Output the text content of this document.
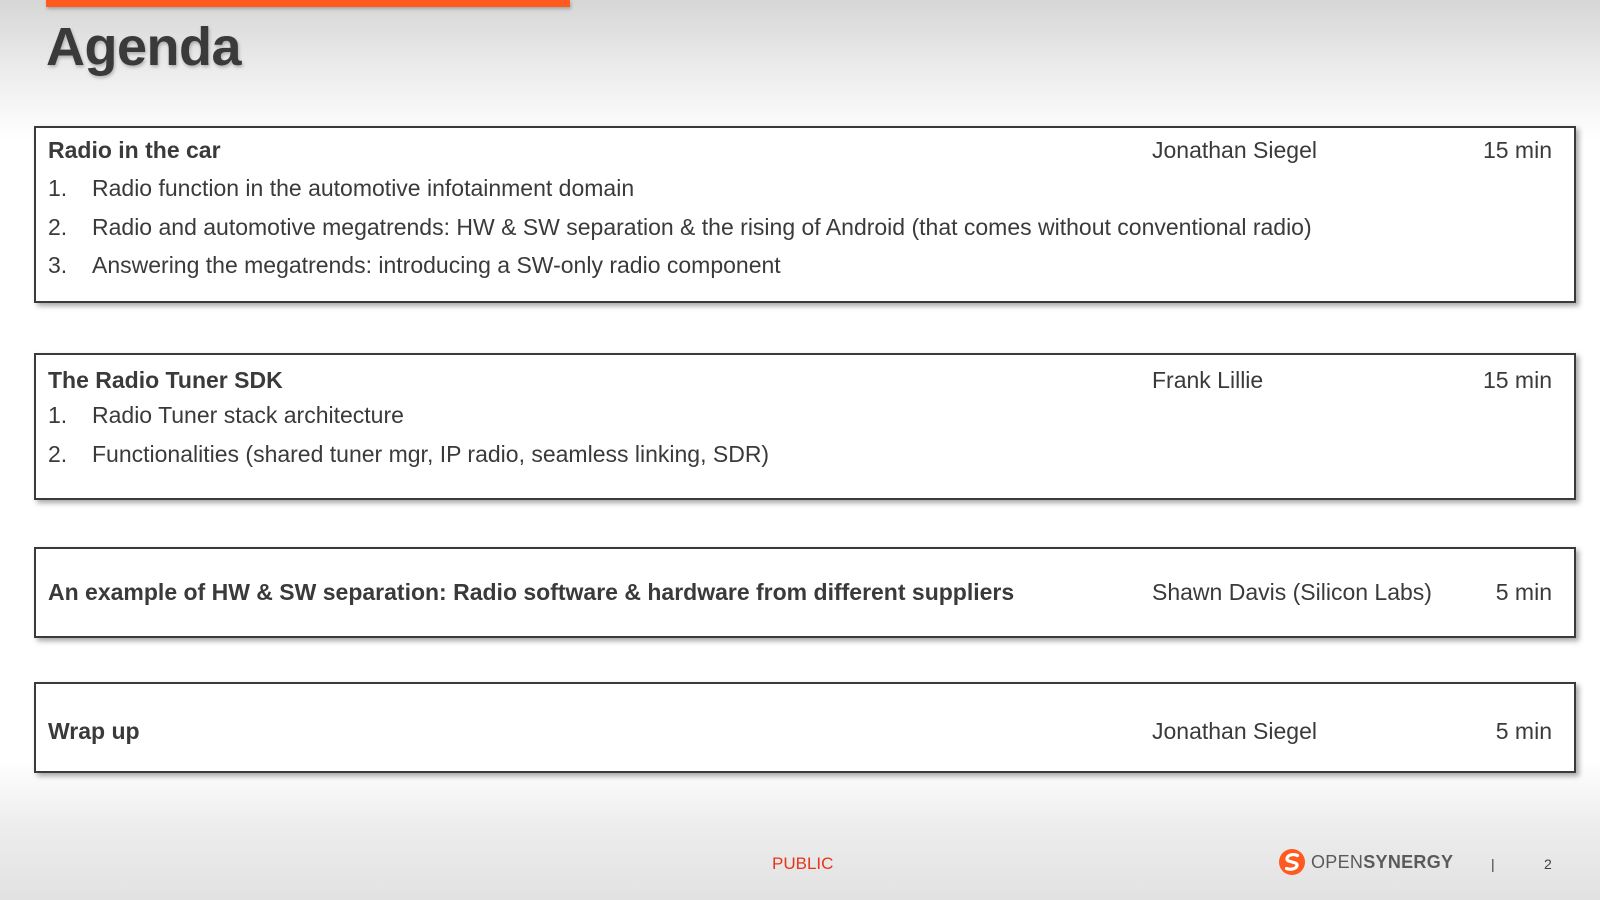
Agenda
Radio in the car	Jonathan Siegel	15 min
1. Radio function in the automotive infotainment domain
2. Radio and automotive megatrends: HW & SW separation & the rising of Android (that comes without conventional radio)
3. Answering the megatrends: introducing a SW-only radio component
The Radio Tuner SDK	Frank Lillie	15 min
1. Radio Tuner stack architecture
2. Functionalities (shared tuner mgr, IP radio, seamless linking, SDR)
An example of HW & SW separation: Radio software & hardware from different suppliers	Shawn Davis (Silicon Labs)	5 min
Wrap up	Jonathan Siegel	5 min
PUBLIC	OPENSYNERGY	|	2
